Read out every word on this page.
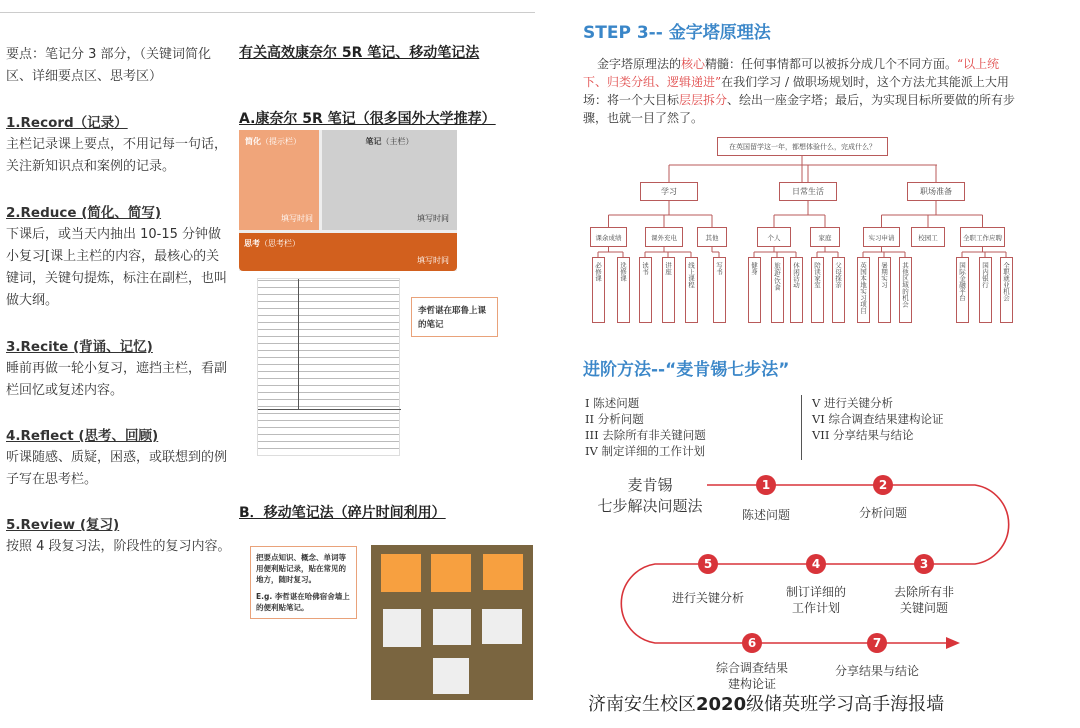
要点：笔记分 3 部分，（关键词简化区、详细要点区、思考区）
有关高效康奈尔 5R 笔记、移动笔记法
A.康奈尔 5R 笔记（很多国外大学推荐）
简化（提示栏）
填写时间
笔记（主栏）
填写时间
思考（思考栏）
填写时间
李哲谌在耶鲁上课的笔记
B．移动笔记法（碎片时间利用）
把要点知识、概念、单词等用便利贴记录，贴在常见的地方，随时复习。
E.g. 李哲谌在哈佛宿舍墙上的便利贴笔记。
STEP 3-- 金字塔原理法
金字塔原理法的核心精髓：任何事情都可以被拆分成几个不同方面。“以上统下、归类分组、逻辑递进”在我们学习 / 做职场规划时，这个方法尤其能派上大用场：将一个大目标层层拆分、绘出一座金字塔；最后，为实现目标所要做的所有步骤，也就一目了然了。
在英国留学这一年，都想体验什么，完成什么？
学习	日常生活	职场准备
课余成绩	课外充电	其他	个人	家庭	实习申请	校园工	全职工作应聘
必修课	选修课	读书	讲座	线上课程	写书	健身	旅游/饮食	休闲活动	陪读家室	父母探亲	英国本地实习项目	暑期实习	其他区域的机会	国际金融平台	国内银行	全职就业机会
进阶方法--“麦肯锡七步法”
I 陈述问题
II 分析问题
III 去除所有非关键问题
IV 制定详细的工作计划
V 进行关键分析
VI 综合调查结果建构论证
VII 分享结果与结论
麦肯锡
七步解决问题法
1
陈述问题
2
分析问题
3
去除所有非
关键问题
4
制订详细的
工作计划
5
进行关键分析
6
综合调查结果
建构论证
7
分享结果与结论
济南安生校区2020级储英班学习高手海报墙
1.Record（记录）
主栏记录课上要点，不用记每一句话，关注新知识点和案例的记录。
2.Reduce (简化、简写)
下课后，或当天内抽出 10-15 分钟做小复习[课上主栏的内容，最核心的关键词，关键句提炼，标注在副栏，也叫做大纲。
3.Recite (背诵、记忆)
睡前再做一轮小复习，遮挡主栏，看副栏回忆或复述内容。
4.Reflect (思考、回顾)
听课随感、质疑，困惑，或联想到的例子写在思考栏。
5.Review (复习)
按照 4 段复习法，阶段性的复习内容。
